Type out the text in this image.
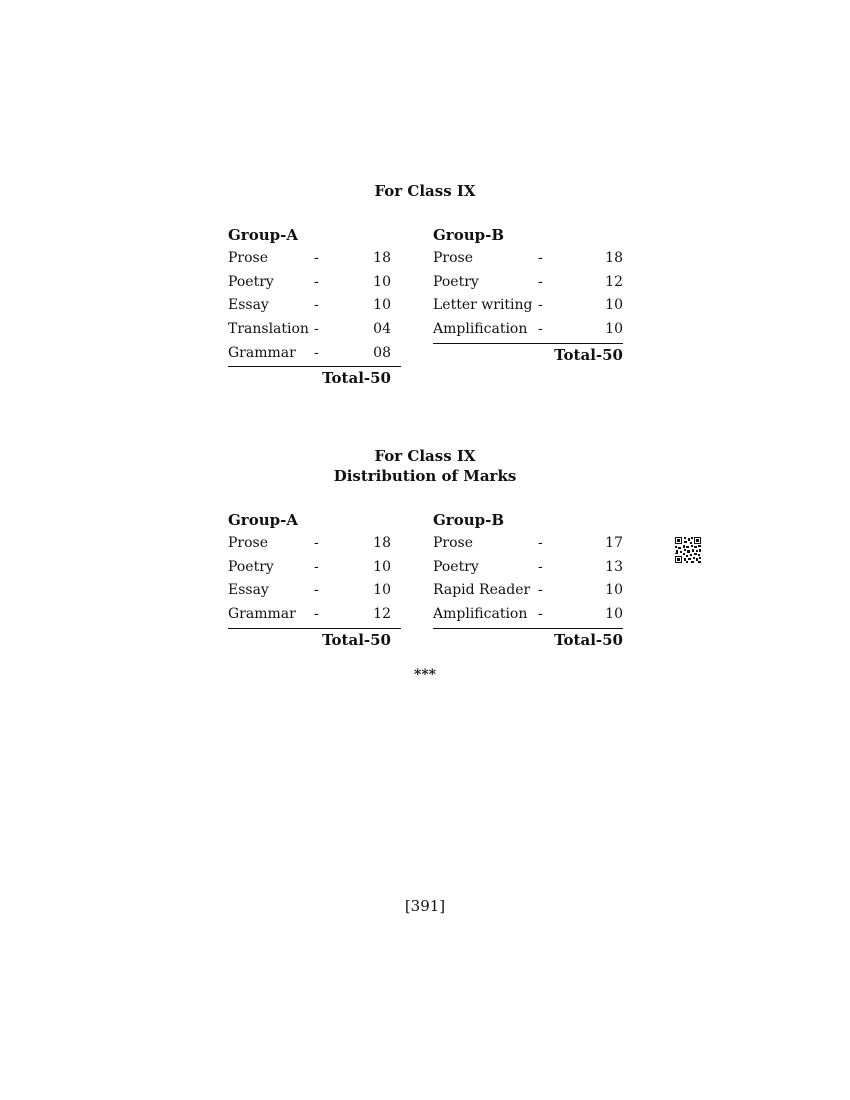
For Class IX
Group-A
Prose	-	18
Poetry	-	10
Essay	-	10
Translation -	04
Grammar -	08
Total-50
Group-B
Prose	-	18
Poetry	-	12
Letter writing -	10
Amplification -	10
Total-50
For Class IX
Distribution of Marks
Group-A
Prose	-	18
Poetry	-	10
Essay	-	10
Grammar -	12
Total-50
Group-B
Prose	-	17
Poetry	-	13
Rapid Reader -	10
Amplification -	10
Total-50
***
[391]
